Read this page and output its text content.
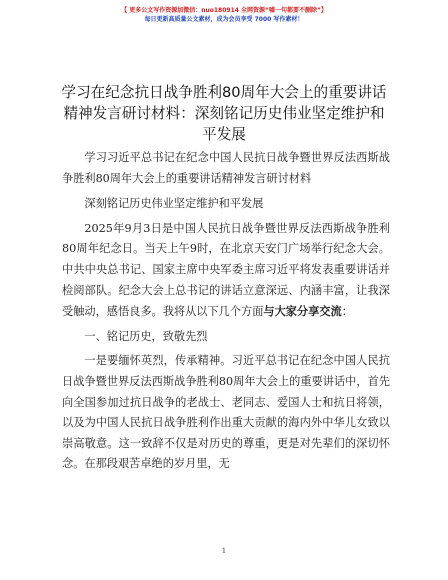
【 更多公文写作资源加微信：nuo180914 全网资源“嘘一句都要不删除”】
每日更新高质量公文素材，成为会员享受 7000 写作素材！
学习在纪念抗日战争胜利80周年大会上的重要讲话精神发言研讨材料：深刻铭记历史伟业坚定维护和平发展

学习习近平总书记在纪念中国人民抗日战争暨世界反法西斯战争胜利80周年大会上的重要讲话精神发言研讨材料

深刻铭记历史伟业坚定维护和平发展

2025年9月3日是中国人民抗日战争暨世界反法西斯战争胜利80周年纪念日。当天上午9时，在北京天安门广场举行纪念大会。中共中央总书记、国家主席中央军委主席习近平将发表重要讲话并检阅部队。纪念大会上总书记的讲话立意深远、内涵丰富，让我深受触动，感悟良多。我将从以下几个方面与大家分享交流：

一、铭记历史，致敬先烈

一是要缅怀英烈，传承精神。习近平总书记在纪念中国人民抗日战争暨世界反法西斯战争胜利80周年大会上的重要讲话中，首先向全国参加过抗日战争的老战士、老同志、爱国人士和抗日将领，以及为中国人民抗日战争胜利作出重大贡献的海内外中华儿女致以崇高敬意。这一致辞不仅是对历史的尊重，更是对先辈们的深切怀念。在那段艰苦卓绝的岁月里，无

1
